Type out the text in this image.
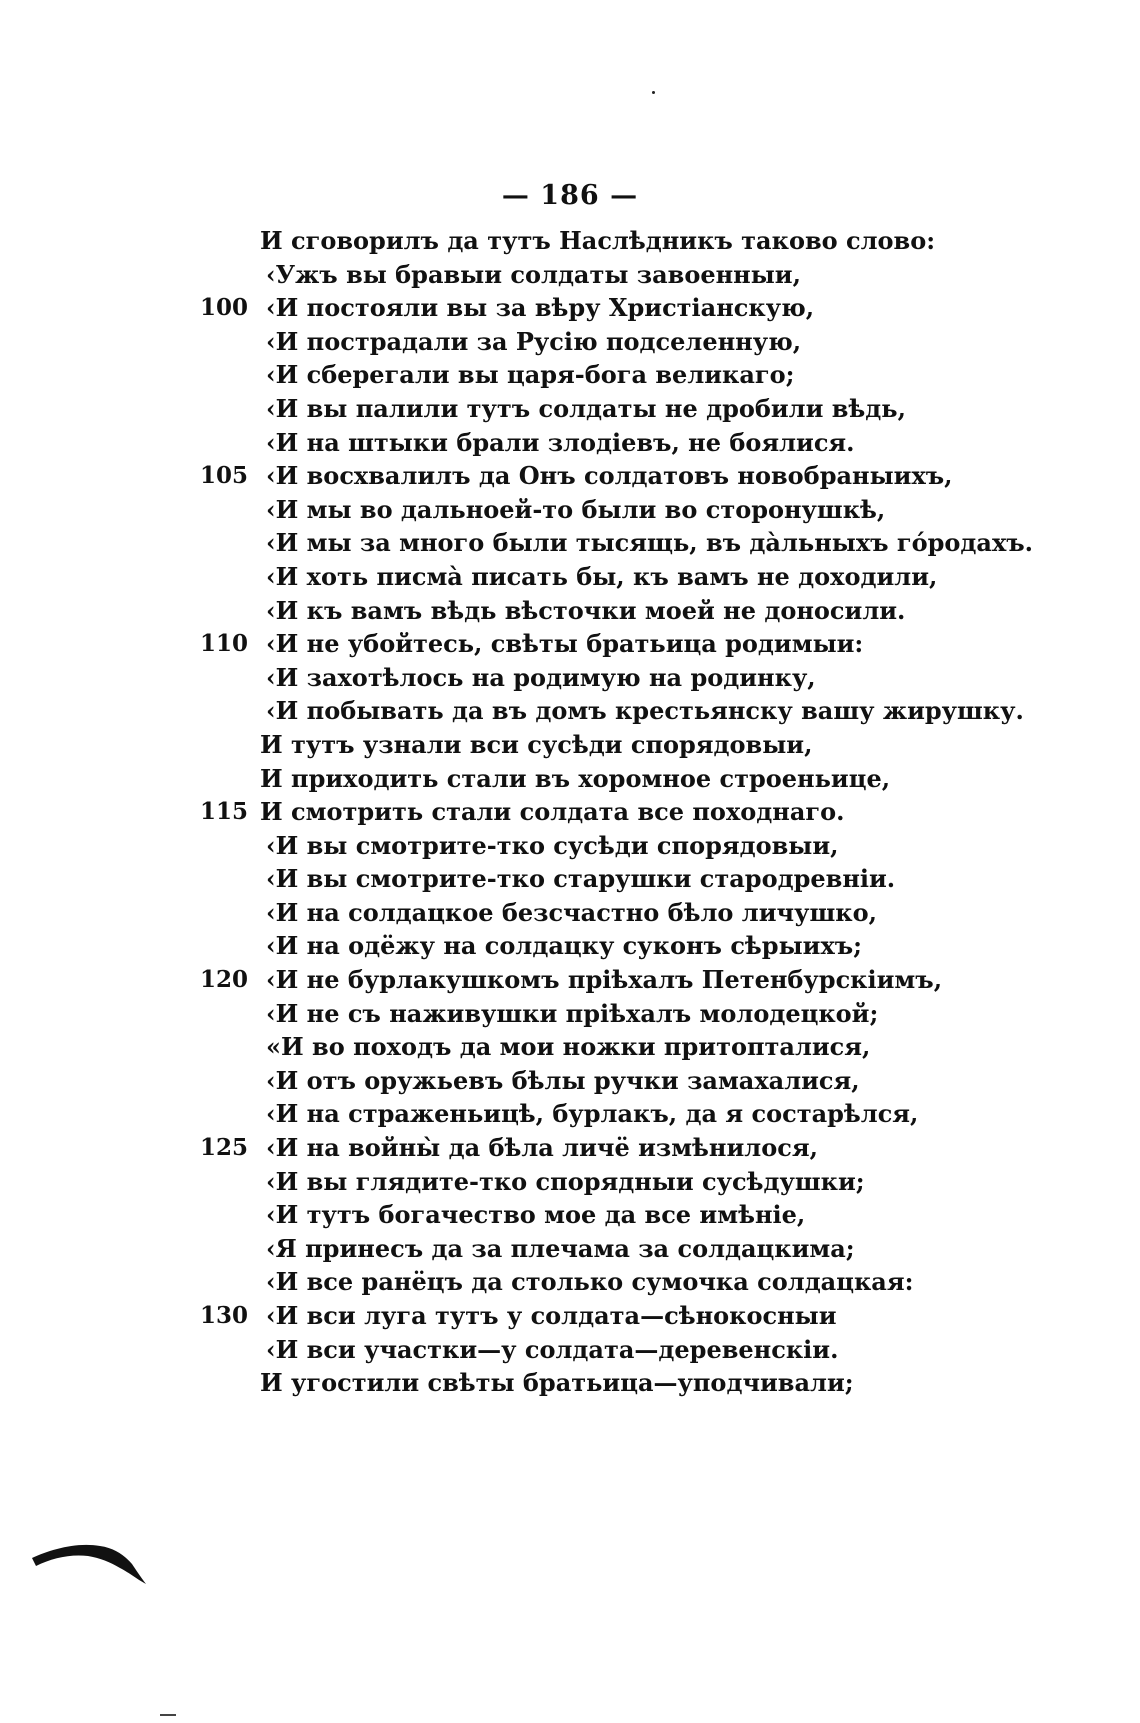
— 186 —
И сговорилъ да тутъ Наслѣдникъ таково слово:
‹Ужъ вы бравыи солдаты завоенныи,
100 ‹И постояли вы за вѣру Христіанскую,
‹И пострадали за Русію подселенную,
‹И сберегали вы царя-бога великаго;
‹И вы палили тутъ солдаты не дробили вѣдь,
‹И на штыки брали злодіевъ, не боялися.
105 ‹И восхвалилъ да Онъ солдатовъ новобраныихъ,
‹И мы во дальноей-то были во сторонушкѣ,
‹И мы за много были тысящь, въ да̀льныхъ го́родахъ.
‹И хоть писма̀ писать бы, къ вамъ не доходили,
‹И къ вамъ вѣдь вѣсточки моей не доносили.
110 ‹И не убойтесь, свѣты братьица родимыи:
‹И захотѣлось на родимую на родинку,
‹И побывать да въ домъ крестьянску вашу жирушку.
И тутъ узнали вси сусѣди спорядовыи,
И приходить стали въ хоромное строеньицe,
115 И смотрить стали солдата все походнаго.
‹И вы смотрите-тко сусѣди спорядовыи,
‹И вы смотрите-тко старушки стародревніи.
‹И на солдацкое безсчастно бѣло личушко,
‹И на одёжу на солдацку суконъ сѣрыихъ;
120 ‹И не бурлакушкомъ пріѣхалъ Петенбурскіимъ,
‹И не съ наживушки пріѣхалъ молодецкой;
«И во походъ да мои ножки притопталися,
‹И отъ оружьевъ бѣлы ручки замахалися,
‹И на страженьицѣ, бурлакъ, да я состарѣлся,
125 ‹И на войны̀ да бѣла личё измѣнилося,
‹И вы глядите-тко спорядныи сусѣдушки;
‹И тутъ богачество мое да все имѣніе,
‹Я принесъ да за плечама за солдацкима;
‹И все ранёцъ да столько сумочка солдацкая:
130 ‹И вси луга тутъ у солдата—сѣнокосныи
‹И вси участки—у солдата—деревенскіи.
И угостили свѣты братьица—уподчивали;
